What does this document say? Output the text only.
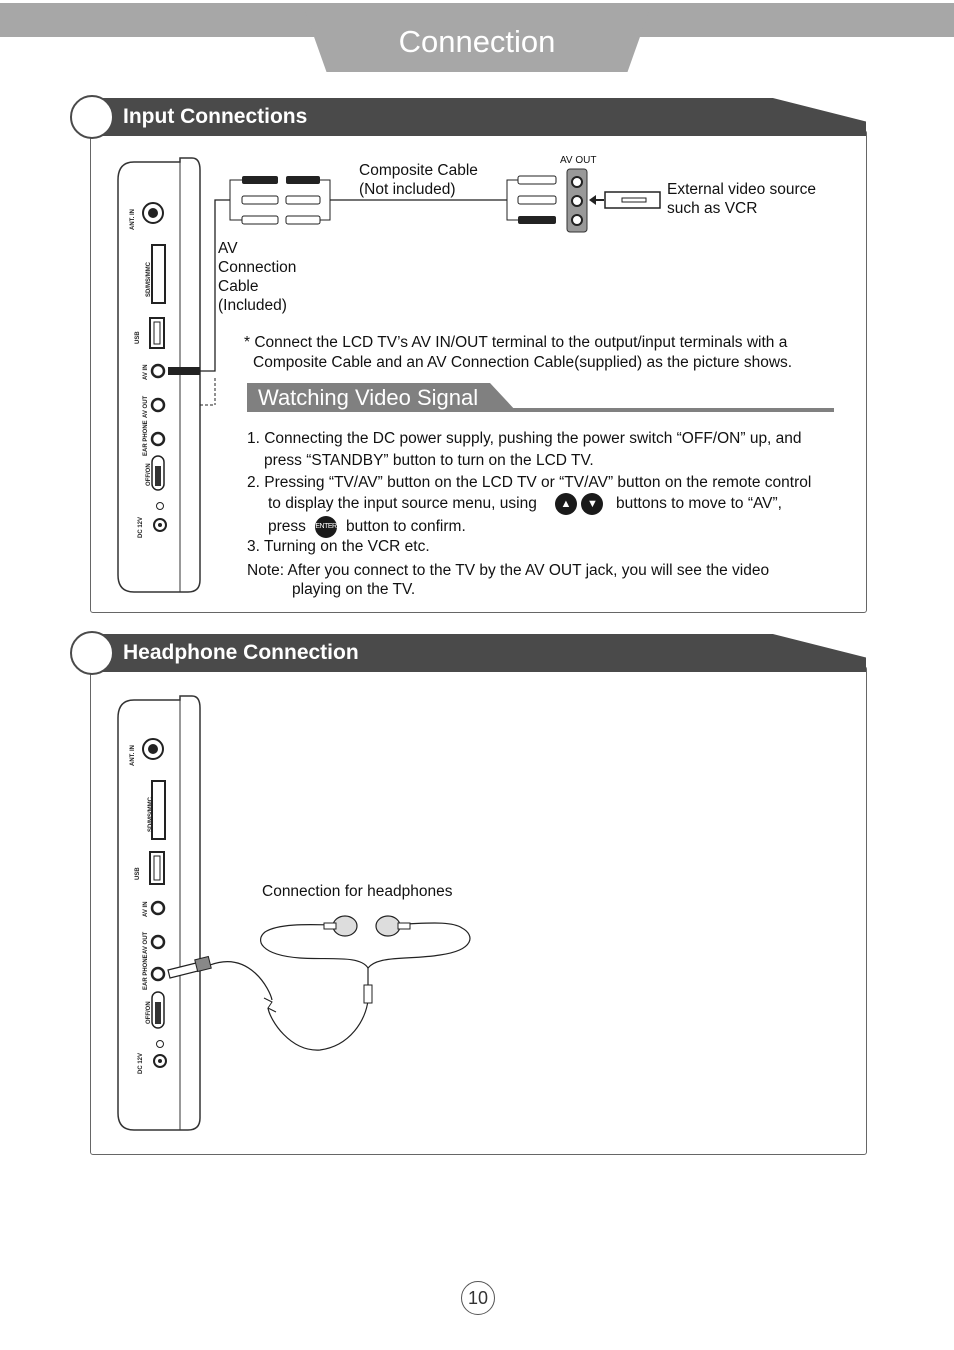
Connection
Input Connections
ANT. IN
SD/MS/MMC
USB
AV IN
AV OUT
EAR PHONE
OFF/ON
DC 12V
Composite Cable
(Not included)
AV OUT
External video source
such as VCR
AV
Connection
Cable
(Included)
* Connect the LCD TV’s AV IN/OUT terminal to the output/input terminals with a
Composite Cable and an AV Connection Cable(supplied) as the picture shows.
Watching Video Signal
1. Connecting the DC power supply, pushing the power switch “OFF/ON” up, and
press “STANDBY” button to turn on the LCD TV.
2. Pressing “TV/AV” button on the LCD TV or “TV/AV” button on the remote control
to display the input source menu, using	▲
	▼	buttons to move to “AV”,
press ENTER button to confirm.
3. Turning on the VCR etc.
Note: After you connect to the TV by the AV OUT jack, you will see the video
playing on the TV.
Headphone Connection
ANT. IN
SD/MS/MMC
USB
AV IN
AV OUT
EAR PHONE
OFF/ON
DC 12V
Connection for headphones
10
